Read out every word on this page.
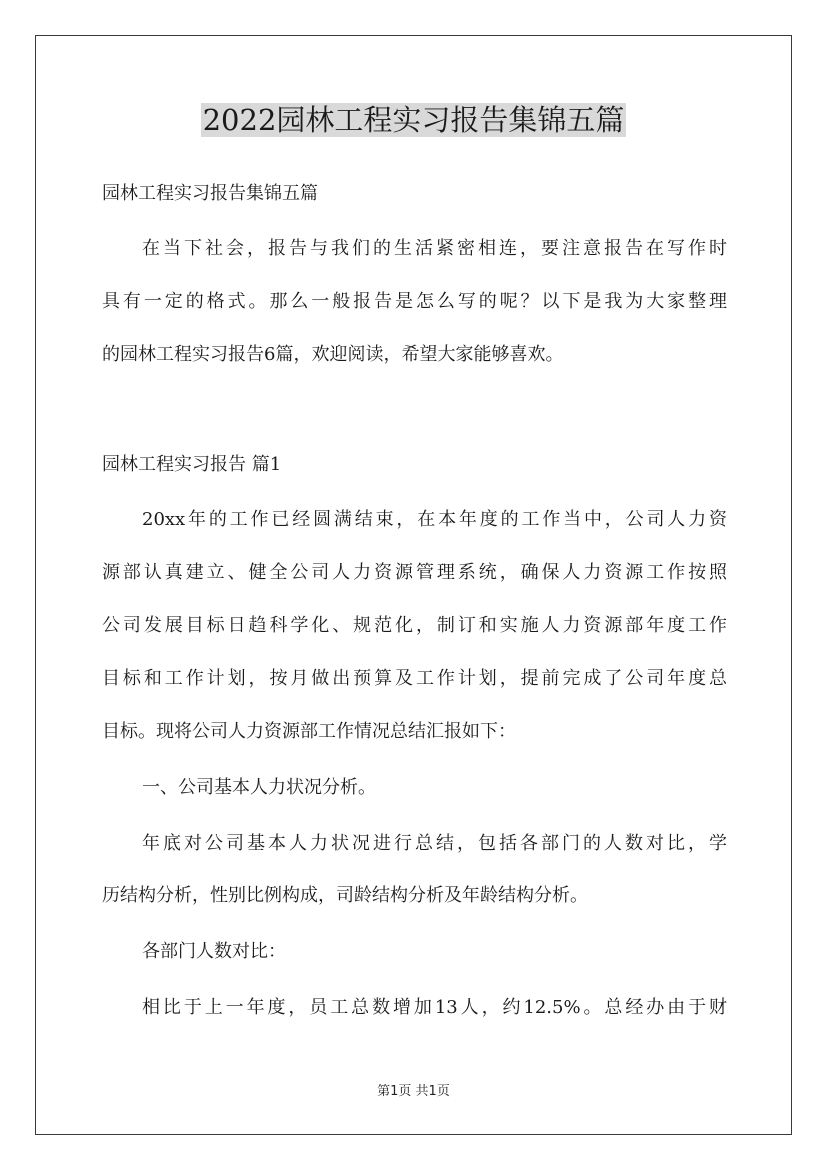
2022园林工程实习报告集锦五篇

园林工程实习报告集锦五篇

在当下社会，报告与我们的生活紧密相连，要注意报告在写作时

具有一定的格式。那么一般报告是怎么写的呢？以下是我为大家整理

的园林工程实习报告6篇，欢迎阅读，希望大家能够喜欢。

园林工程实习报告 篇1

20xx年的工作已经圆满结束，在本年度的工作当中，公司人力资

源部认真建立、健全公司人力资源管理系统，确保人力资源工作按照

公司发展目标日趋科学化、规范化，制订和实施人力资源部年度工作

目标和工作计划，按月做出预算及工作计划，提前完成了公司年度总

目标。现将公司人力资源部工作情况总结汇报如下：

一、公司基本人力状况分析。

年底对公司基本人力状况进行总结，包括各部门的人数对比，学

历结构分析，性别比例构成，司龄结构分析及年龄结构分析。

各部门人数对比：

相比于上一年度，员工总数增加13人，约12.5%。总经办由于财

第1页 共1页
